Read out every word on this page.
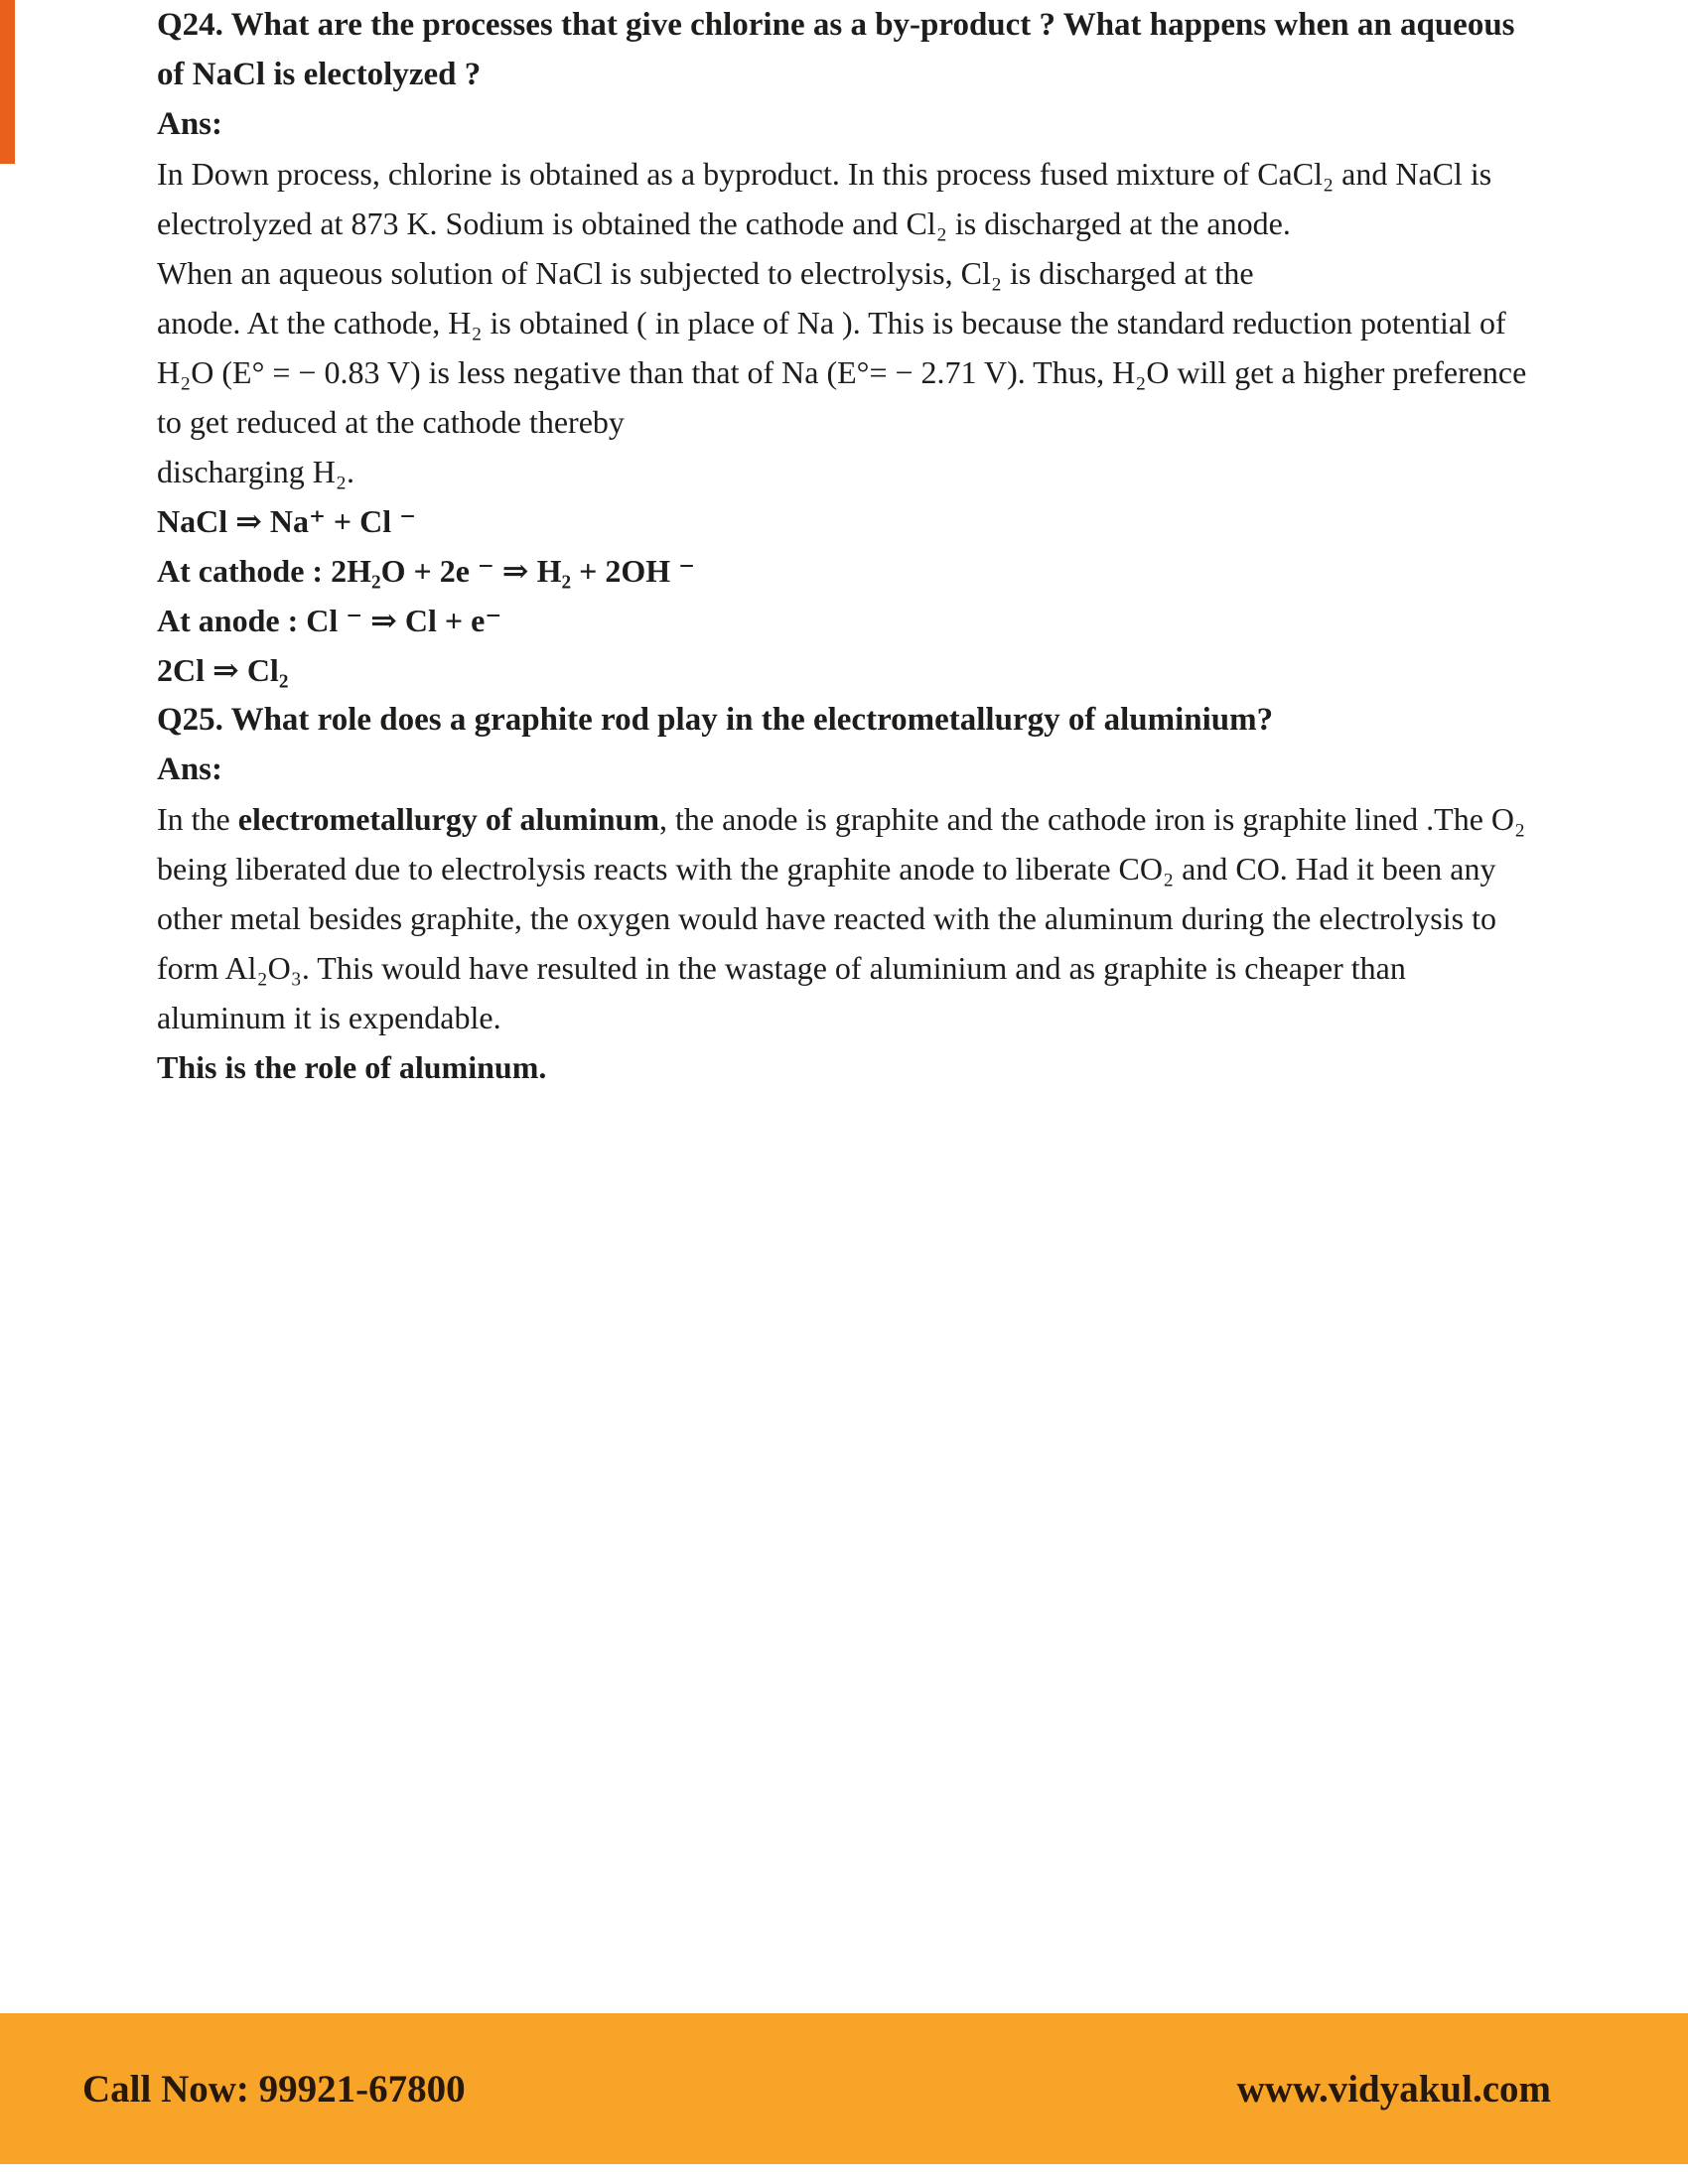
Q24. What are the processes that give chlorine as a by-product ? What happens when an aqueous of NaCl is electolyzed ?

Ans:

In Down process, chlorine is obtained as a byproduct. In this process fused mixture of CaCl₂ and NaCl is electrolyzed at 873 K. Sodium is obtained the cathode and Cl₂ is discharged at the anode.

When an aqueous solution of NaCl is subjected to electrolysis, Cl₂ is discharged at the

anode. At the cathode, H₂ is obtained ( in place of Na ). This is because the standard reduction potential of H₂O (E° = − 0.83 V) is less negative than that of Na (E°= − 2.71 V). Thus, H₂O will get a higher preference to get reduced at the cathode thereby
discharging H₂.
NaCl ⇒ Na⁺ + Cl ⁻
At cathode : 2H₂O + 2e ⁻ ⇒ H₂ + 2OH ⁻
At anode : Cl ⁻ ⇒ Cl + e⁻
2Cl ⇒ Cl₂
Q25. What role does a graphite rod play in the electrometallurgy of aluminium?

Ans:

In the electrometallurgy of aluminum, the anode is graphite and the cathode iron is graphite lined .The O₂ being liberated due to electrolysis reacts with the graphite anode to liberate CO₂ and CO. Had it been any other metal besides graphite, the oxygen would have reacted with the aluminum during the electrolysis to form Al₂O₃. This would have resulted in the wastage of aluminium and as graphite is cheaper than aluminum it is expendable.

This is the role of aluminum.

Call Now: 99921-67800	www.vidyakul.com
